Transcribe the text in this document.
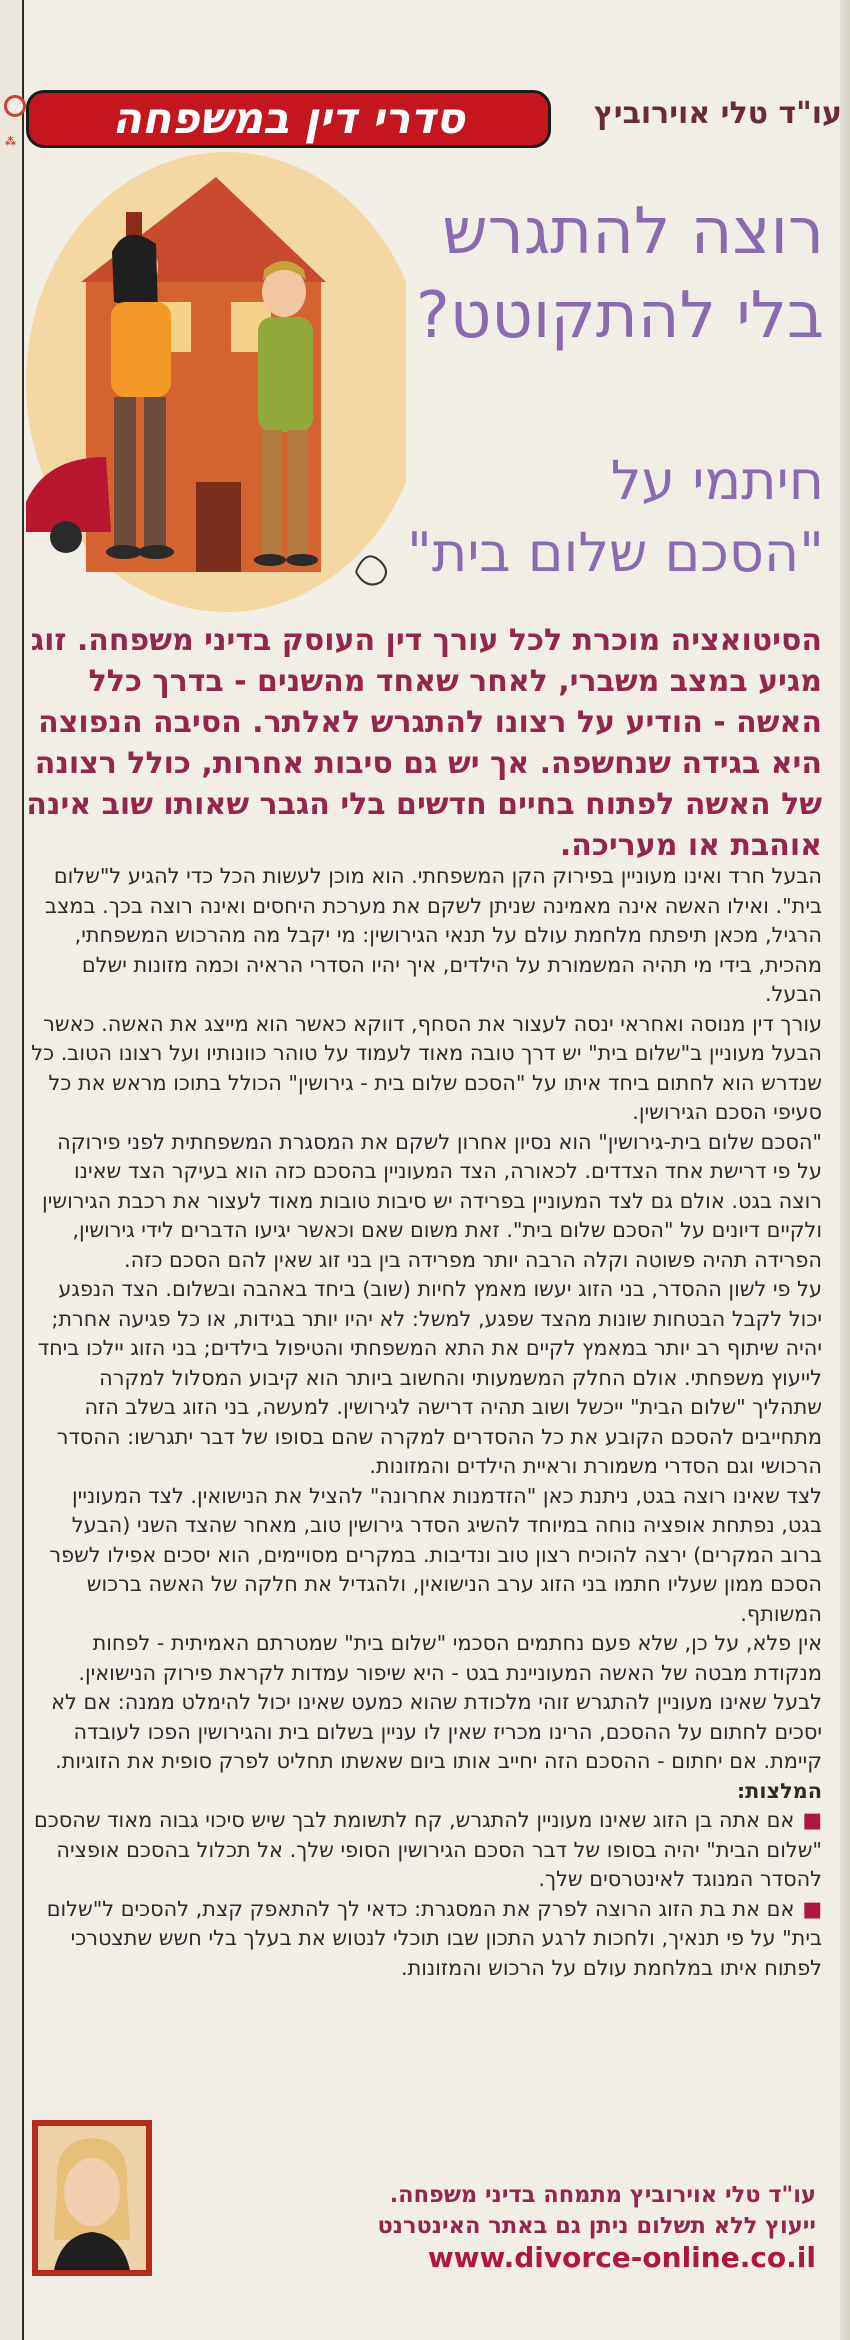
⁂	סדרי דין במשפחה	עו"ד טלי אוירוביץ
רוצה להתגרש
בלי להתקוטט?
חיתמי על
"הסכם שלום בית"
הסיטואציה מוכרת לכל עורך דין העוסק בדיני משפחה. זוג מגיע במצב משברי, לאחר שאחד מהשנים - בדרך כלל האשה - הודיע על רצונו להתגרש לאלתר. הסיבה הנפוצה היא בגידה שנחשפה. אך יש גם סיבות אחרות, כולל רצונה של האשה לפתוח בחיים חדשים בלי הגבר שאותו שוב אינה אוהבת או מעריכה.

הבעל חרד ואינו מעוניין בפירוק הקן המשפחתי. הוא מוכן לעשות הכל כדי להגיע ל"שלום בית". ואילו האשה אינה מאמינה שניתן לשקם את מערכת היחסים ואינה רוצה בכך. במצב הרגיל, מכאן תיפתח מלחמת עולם על תנאי הגירושין: מי יקבל מה מהרכוש המשפחתי, מהכית, בידי מי תהיה המשמורת על הילדים, איך יהיו הסדרי הראיה וכמה מזונות ישלם הבעל.

עורך דין מנוסה ואחראי ינסה לעצור את הסחף, דווקא כאשר הוא מייצג את האשה. כאשר הבעל מעוניין ב"שלום בית" יש דרך טובה מאוד לעמוד על טוהר כוונותיו ועל רצונו הטוב. כל שנדרש הוא לחתום ביחד איתו על "הסכם שלום בית - גירושין" הכולל בתוכו מראש את כל סעיפי הסכם הגירושין.

"הסכם שלום בית-גירושין" הוא נסיון אחרון לשקם את המסגרת המשפחתית לפני פירוקה על פי דרישת אחד הצדדים. לכאורה, הצד המעוניין בהסכם כזה הוא בעיקר הצד שאינו רוצה בגט. אולם גם לצד המעוניין בפרידה יש סיבות טובות מאוד לעצור את רכבת הגירושין ולקיים דיונים על "הסכם שלום בית". זאת משום שאם וכאשר יגיעו הדברים לידי גירושין, הפרידה תהיה פשוטה וקלה הרבה יותר מפרידה בין בני זוג שאין להם הסכם כזה.

על פי לשון ההסדר, בני הזוג יעשו מאמץ לחיות (שוב) ביחד באהבה ובשלום. הצד הנפגע יכול לקבל הבטחות שונות מהצד שפגע, למשל: לא יהיו יותר בגידות, או כל פגיעה אחרת; יהיה שיתוף רב יותר במאמץ לקיים את התא המשפחתי והטיפול בילדים; בני הזוג יילכו ביחד לייעוץ משפחתי. אולם החלק המשמעותי והחשוב ביותר הוא קיבוע המסלול למקרה שתהליך "שלום הבית" ייכשל ושוב תהיה דרישה לגירושין. למעשה, בני הזוג בשלב הזה מתחייבים להסכם הקובע את כל ההסדרים למקרה שהם בסופו של דבר יתגרשו: ההסדר הרכושי וגם הסדרי משמורת וראיית הילדים והמזונות.

לצד שאינו רוצה בגט, ניתנת כאן "הזדמנות אחרונה" להציל את הנישואין. לצד המעוניין בגט, נפתחת אופציה נוחה במיוחד להשיג הסדר גירושין טוב, מאחר שהצד השני (הבעל ברוב המקרים) ירצה להוכיח רצון טוב ונדיבות. במקרים מסויימים, הוא יסכים אפילו לשפר הסכם ממון שעליו חתמו בני הזוג ערב הנישואין, ולהגדיל את חלקה של האשה ברכוש המשותף.

אין פלא, על כן, שלא פעם נחתמים הסכמי "שלום בית" שמטרתם האמיתית - לפחות מנקודת מבטה של האשה המעוניינת בגט - היא שיפור עמדות לקראת פירוק הנישואין. לבעל שאינו מעוניין להתגרש זוהי מלכודת שהוא כמעט שאינו יכול להימלט ממנה: אם לא יסכים לחתום על ההסכם, הרינו מכריז שאין לו עניין בשלום בית והגירושין הפכו לעובדה קיימת. אם יחתום - ההסכם הזה יחייב אותו ביום שאשתו תחליט לפרק סופית את הזוגיות.

המלצות:

■אם אתה בן הזוג שאינו מעוניין להתגרש, קח לתשומת לבך שיש סיכוי גבוה מאוד שהסכם "שלום הבית" יהיה בסופו של דבר הסכם הגירושין הסופי שלך. אל תכלול בהסכם אופציה להסדר המנוגד לאינטרסים שלך.

■אם את בת הזוג הרוצה לפרק את המסגרת: כדאי לך להתאפק קצת, להסכים ל"שלום בית" על פי תנאיך, ולחכות לרגע התכון שבו תוכלי לנטוש את בעלך בלי חשש שתצטרכי לפתוח איתו במלחמת עולם על הרכוש והמזונות.

עו"ד טלי אוירוביץ מתמחה בדיני משפחה.
ייעוץ ללא תשלום ניתן גם באתר האינטרנט
www.divorce-online.co.il
